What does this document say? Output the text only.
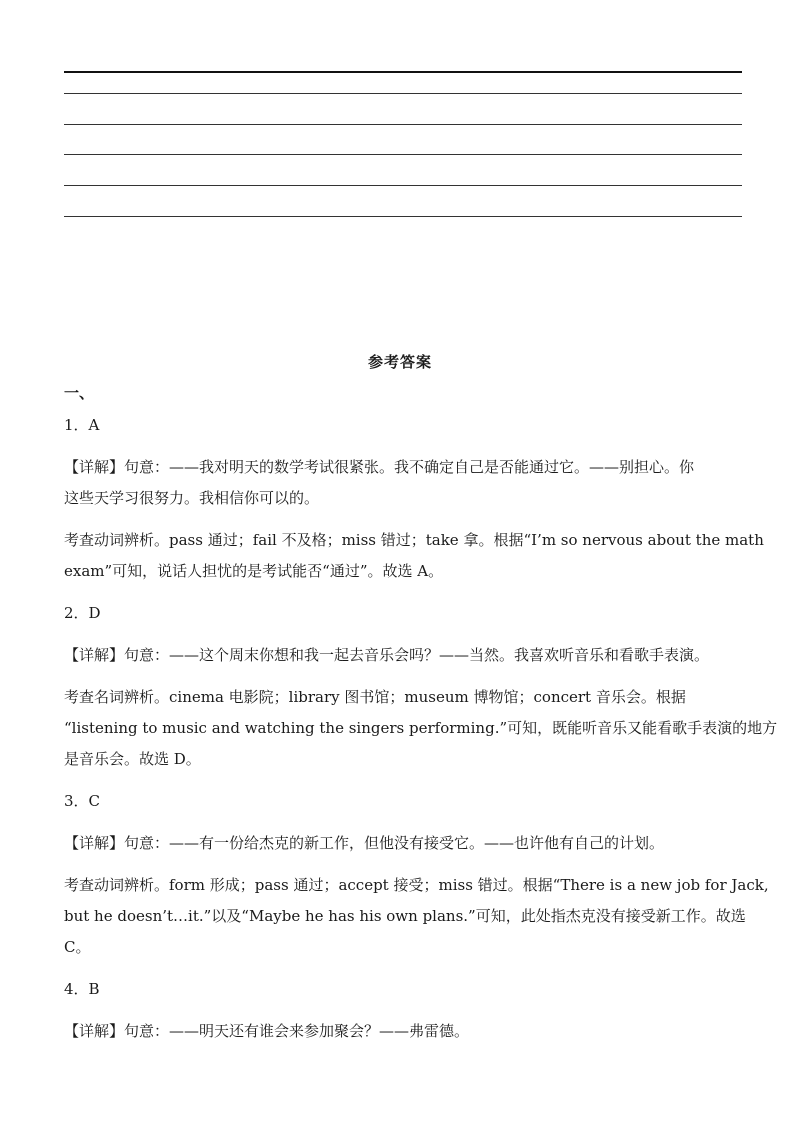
参考答案
一、
1．A
【详解】句意：——我对明天的数学考试很紧张。我不确定自己是否能通过它。——别担心。你
这些天学习很努力。我相信你可以的。
考查动词辨析。pass 通过；fail 不及格；miss 错过；take 拿。根据“I’m so nervous about the math
exam”可知，说话人担忧的是考试能否“通过”。故选 A。
2．D
【详解】句意：——这个周末你想和我一起去音乐会吗？——当然。我喜欢听音乐和看歌手表演。
考查名词辨析。cinema 电影院；library 图书馆；museum 博物馆；concert 音乐会。根据
“listening to music and watching the singers performing.”可知，既能听音乐又能看歌手表演的地方
是音乐会。故选 D。
3．C
【详解】句意：——有一份给杰克的新工作，但他没有接受它。——也许他有自己的计划。
考查动词辨析。form 形成；pass 通过；accept 接受；miss 错过。根据“There is a new job for Jack,
but he doesn’t…it.”以及“Maybe he has his own plans.”可知，此处指杰克没有接受新工作。故选
C。
4．B
【详解】句意：——明天还有谁会来参加聚会？——弗雷德。
